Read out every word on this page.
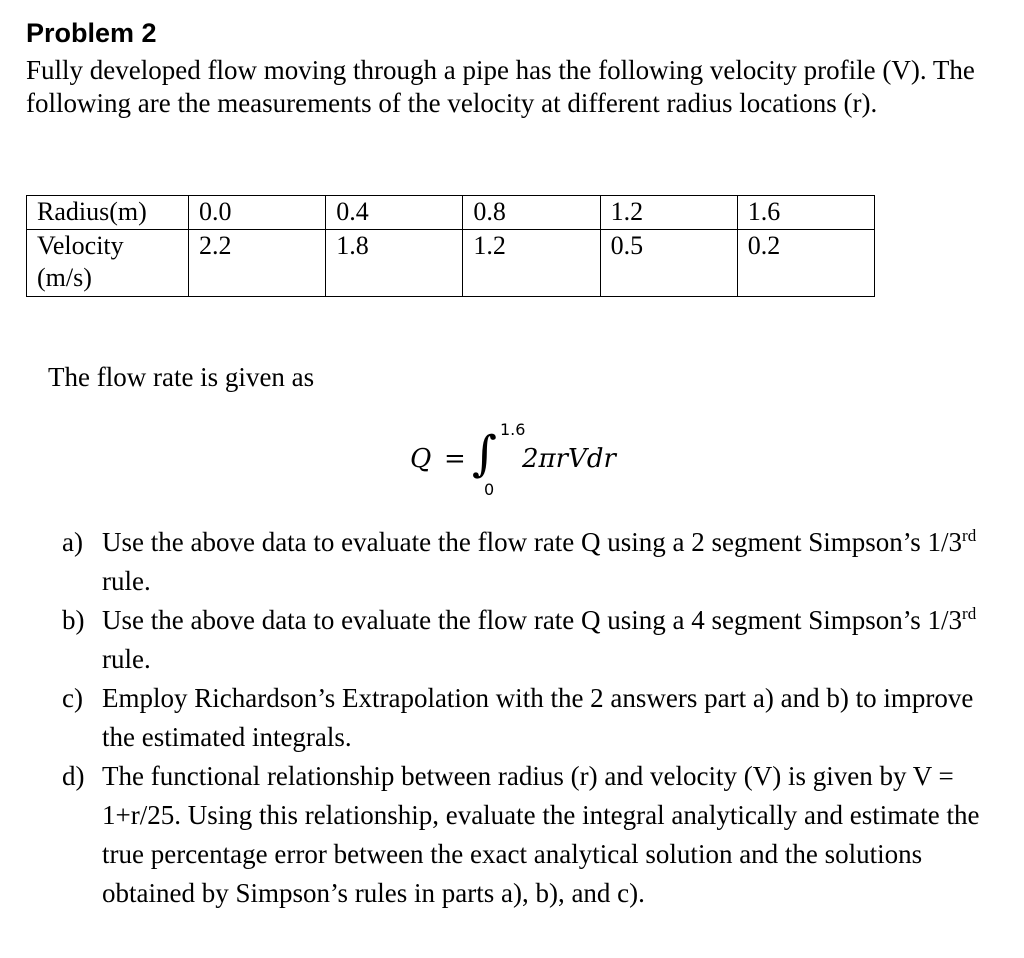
Problem 2
Fully developed flow moving through a pipe has the following velocity profile (V). The following are the measurements of the velocity at different radius locations (r).
Radius(m)	0.0	0.4	0.8	1.2	1.6
Velocity (m/s)	2.2	1.8	1.2	0.5	0.2
The flow rate is given as
Q = ∫ 1.6
0
2πrVdr
a) Use the above data to evaluate the flow rate Q using a 2 segment Simpson’s 1/3rd rule.
b) Use the above data to evaluate the flow rate Q using a 4 segment Simpson’s 1/3rd rule.
c) Employ Richardson’s Extrapolation with the 2 answers part a) and b) to improve the estimated integrals.
d) The functional relationship between radius (r) and velocity (V) is given by V = 1+r/25. Using this relationship, evaluate the integral analytically and estimate the true percentage error between the exact analytical solution and the solutions obtained by Simpson’s rules in parts a), b), and c).
